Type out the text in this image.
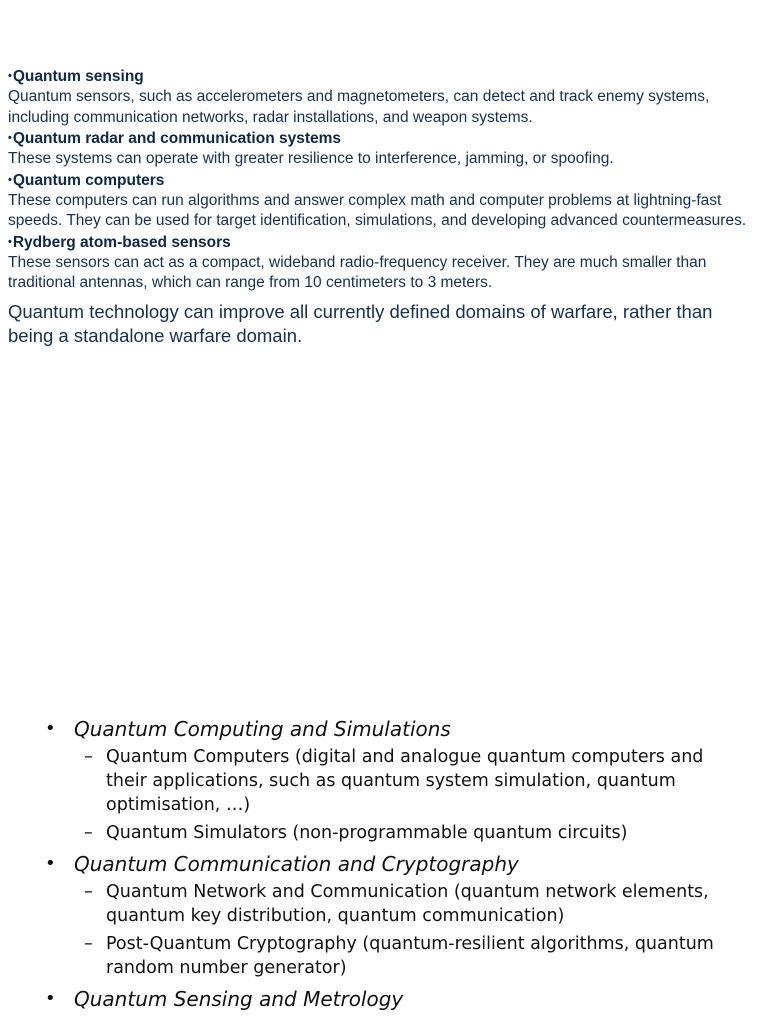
•Quantum sensing
Quantum sensors, such as accelerometers and magnetometers, can detect and track enemy systems, including communication networks, radar installations, and weapon systems.
•Quantum radar and communication systems
These systems can operate with greater resilience to interference, jamming, or spoofing.
•Quantum computers
These computers can run algorithms and answer complex math and computer problems at lightning-fast speeds. They can be used for target identification, simulations, and developing advanced countermeasures.
•Rydberg atom-based sensors
These sensors can act as a compact, wideband radio-frequency receiver. They are much smaller than traditional antennas, which can range from 10 centimeters to 3 meters.
Quantum technology can improve all currently defined domains of warfare, rather than being a standalone warfare domain.
• Quantum Computing and Simulations
– Quantum Computers (digital and analogue quantum computers and their applications, such as quantum system simulation, quantum optimisation, …)
– Quantum Simulators (non-programmable quantum circuits)
• Quantum Communication and Cryptography
– Quantum Network and Communication (quantum network elements, quantum key distribution, quantum communication)
– Post-Quantum Cryptography (quantum-resilient algorithms, quantum random number generator)
• Quantum Sensing and Metrology
